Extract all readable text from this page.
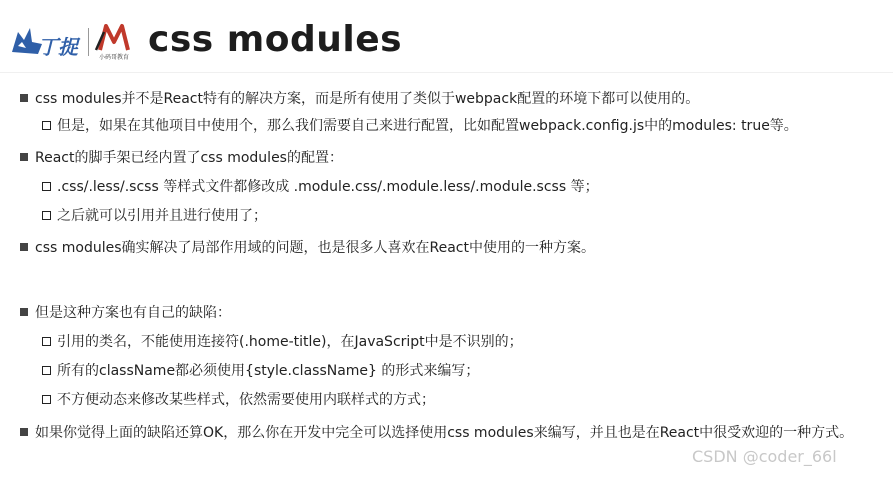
丁捉	小码哥教育 css modules
css modules并不是React特有的解决方案，而是所有使用了类似于webpack配置的环境下都可以使用的。
但是，如果在其他项目中使用个，那么我们需要自己来进行配置，比如配置webpack.config.js中的modules: true等。
React的脚手架已经内置了css modules的配置：
.css/.less/.scss 等样式文件都修改成 .module.css/.module.less/.module.scss 等；
之后就可以引用并且进行使用了；
css modules确实解决了局部作用域的问题，也是很多人喜欢在React中使用的一种方案。
但是这种方案也有自己的缺陷：
引用的类名，不能使用连接符(.home-title)，在JavaScript中是不识别的；
所有的className都必须使用{style.className} 的形式来编写；
不方便动态来修改某些样式，依然需要使用内联样式的方式；
如果你觉得上面的缺陷还算OK，那么你在开发中完全可以选择使用css modules来编写，并且也是在React中很受欢迎的一种方式。
CSDN @coder_66l
